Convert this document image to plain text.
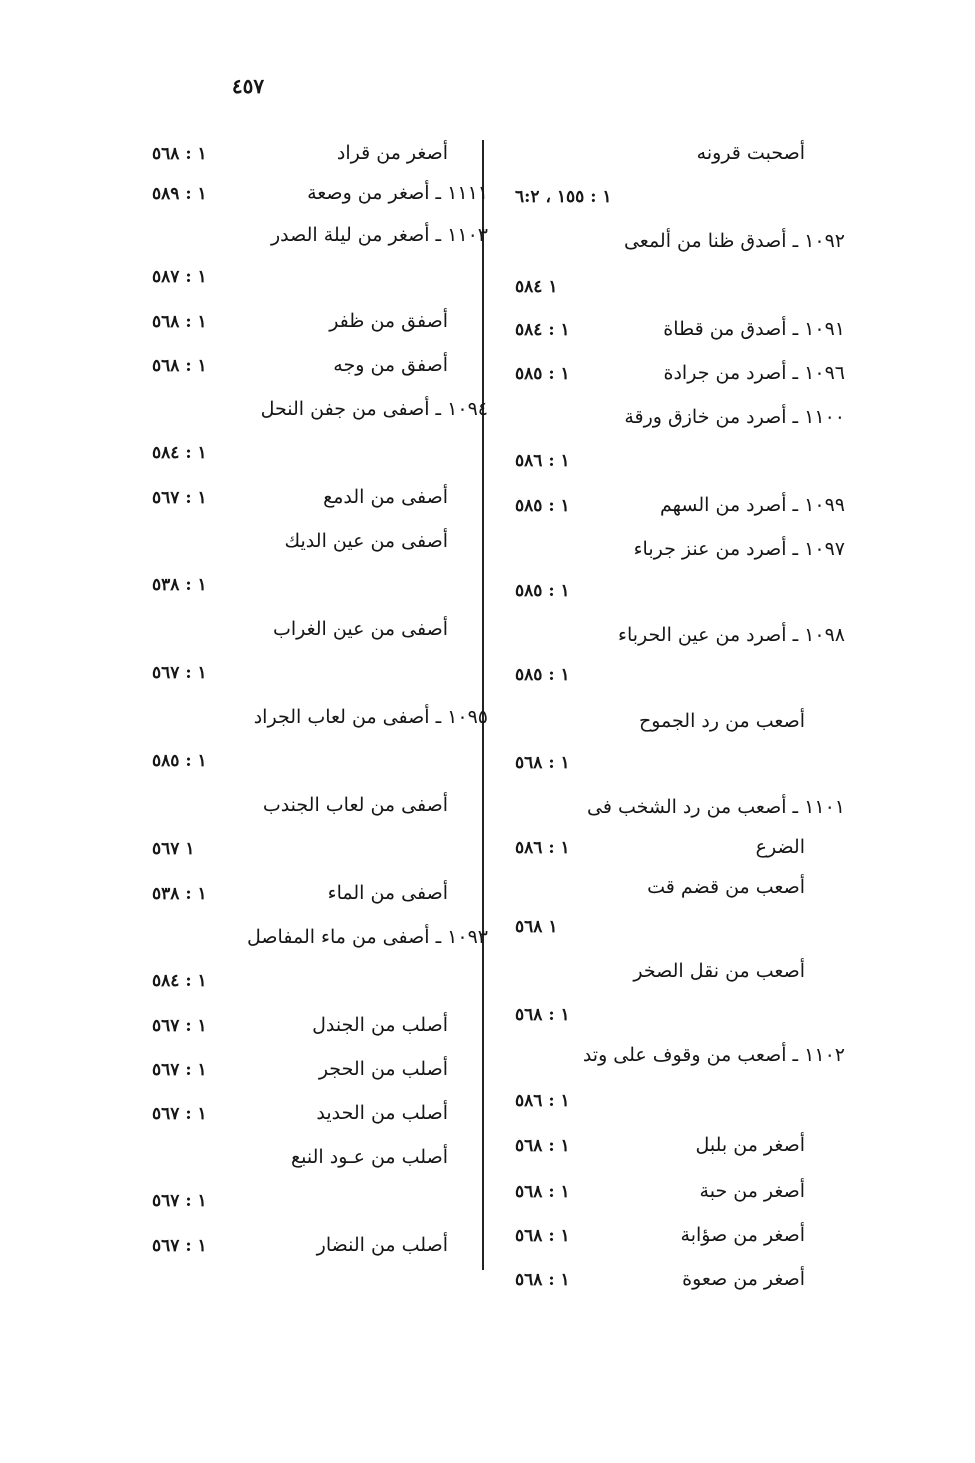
٤٥٧
أصحبت قرونه
١ : ١٥٥ ، ٦:٢
١٠٩٢ ـ أصدق ظنا من ألمعى
١ ٥٨٤
١٠٩١ ـ أصدق من قطاة
١ : ٥٨٤
١٠٩٦ ـ أصرد من جرادة
١ : ٥٨٥
١١٠٠ ـ أصرد من خازق ورقة
١ : ٥٨٦
١٠٩٩ ـ أصرد من السهم
١ : ٥٨٥
١٠٩٧ ـ أصرد من عنز جرباء
١ : ٥٨٥
١٠٩٨ ـ أصرد من عين الحرباء
١ : ٥٨٥
أصعب من رد الجموح
١ : ٥٦٨
١١٠١ ـ أصعب من رد الشخب فى
الضرع
١ : ٥٨٦
أصعب من قضم قت
١ ٥٦٨
أصعب من نقل الصخر
١ : ٥٦٨
١١٠٢ ـ أصعب من وقوف على وتد
١ : ٥٨٦
أصغر من بلبل
١ : ٥٦٨
أصغر من حبة
١ : ٥٦٨
أصغر من صؤابة
١ : ٥٦٨
أصغر من صعوة
١ : ٥٦٨
أصغر من قراد
١ : ٥٦٨
١١١١ ـ أصغر من وصعة
١ : ٥٨٩
١١٠٣ ـ أصغر من ليلة الصدر
١ : ٥٨٧
أصفق من ظفر
١ : ٥٦٨
أصفق من وجه
١ : ٥٦٨
١٠٩٤ ـ أصفى من جفن النحل
١ : ٥٨٤
أصفى من الدمع
١ : ٥٦٧
أصفى من عين الديك
١ : ٥٣٨
أصفى من عين الغراب
١ : ٥٦٧
١٠٩٥ ـ أصفى من لعاب الجراد
١ : ٥٨٥
أصفى من لعاب الجندب
١ ٥٦٧
أصفى من الماء
١ : ٥٣٨
١٠٩٣ ـ أصفى من ماء المفاصل
١ : ٥٨٤
أصلب من الجندل
١ : ٥٦٧
أصلب من الحجر
١ : ٥٦٧
أصلب من الحديد
١ : ٥٦٧
أصلب من عـود النبع
١ : ٥٦٧
أصلب من النضار
١ : ٥٦٧
